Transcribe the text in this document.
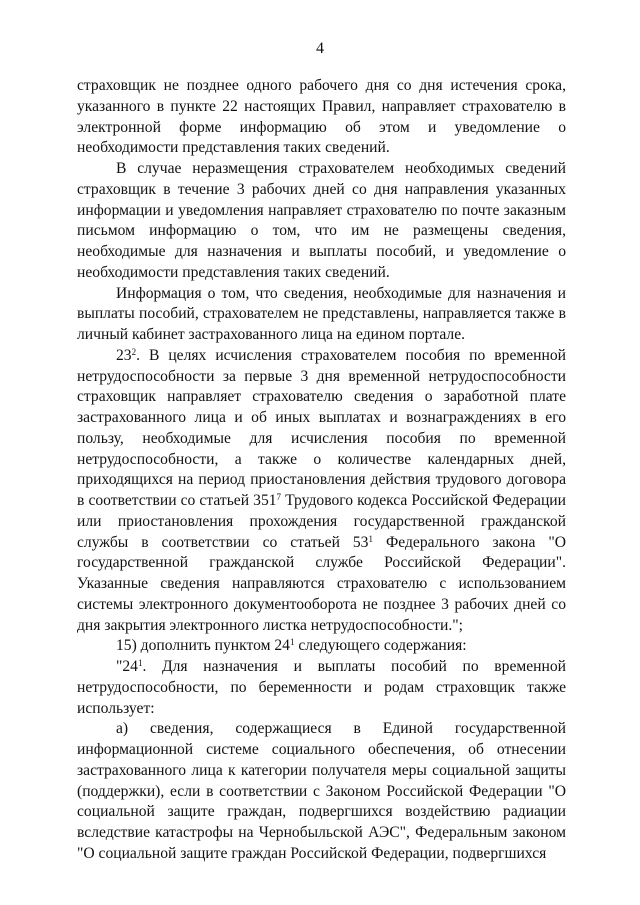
4

страховщик не позднее одного рабочего дня со дня истечения срока, указанного в пункте 22 настоящих Правил, направляет страхователю в электронной форме информацию об этом и уведомление о необходимости представления таких сведений.

В случае неразмещения страхователем необходимых сведений страховщик в течение 3 рабочих дней со дня направления указанных информации и уведомления направляет страхователю по почте заказным письмом информацию о том, что им не размещены сведения, необходимые для назначения и выплаты пособий, и уведомление о необходимости представления таких сведений.

Информация о том, что сведения, необходимые для назначения и выплаты пособий, страхователем не представлены, направляется также в личный кабинет застрахованного лица на едином портале.

$23^2$. В целях исчисления страхователем пособия по временной нетрудоспособности за первые 3 дня временной нетрудоспособности страховщик направляет страхователю сведения о заработной плате застрахованного лица и об иных выплатах и вознаграждениях в его пользу, необходимые для исчисления пособия по временной нетрудоспособности, а также о количестве календарных дней, приходящихся на период приостановления действия трудового договора в соответствии со статьей $351^7$ Трудового кодекса Российской Федерации или приостановления прохождения государственной гражданской службы в соответствии со статьей $53^1$ Федерального закона "О государственной гражданской службе Российской Федерации". Указанные сведения направляются страхователю с использованием системы электронного документооборота не позднее 3 рабочих дней со дня закрытия электронного листка нетрудоспособности.";

15) дополнить пунктом $24^1$ следующего содержания:

"$24^1$. Для назначения и выплаты пособий по временной нетрудоспособности, по беременности и родам страховщик также использует:

а) сведения, содержащиеся в Единой государственной информационной системе социального обеспечения, об отнесении застрахованного лица к категории получателя меры социальной защиты (поддержки), если в соответствии с Законом Российской Федерации "О социальной защите граждан, подвергшихся воздействию радиации вследствие катастрофы на Чернобыльской АЭС", Федеральным законом "О социальной защите граждан Российской Федерации, подвергшихся
